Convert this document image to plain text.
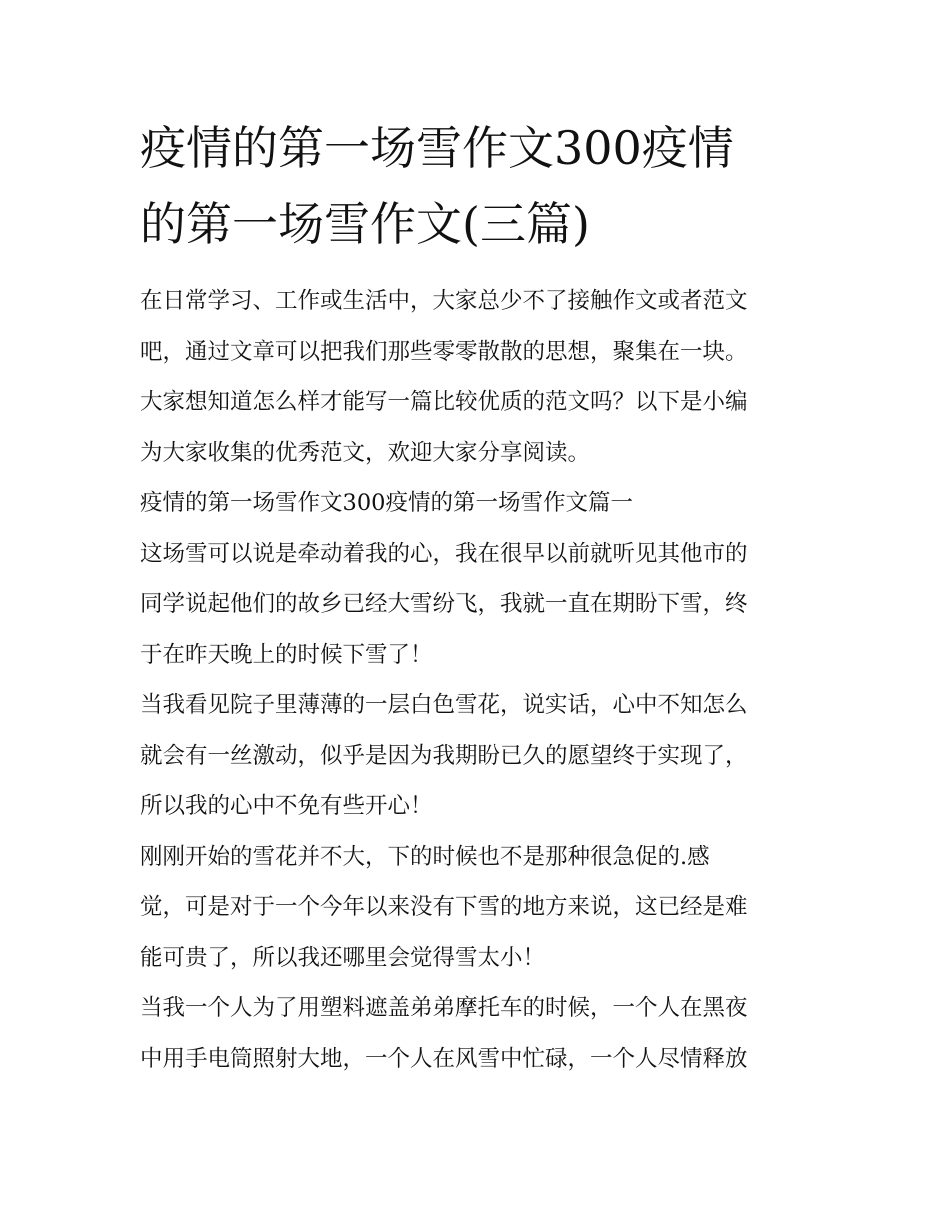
疫情的第一场雪作文300疫情
的第一场雪作文(三篇)

在日常学习、工作或生活中，大家总少不了接触作文或者范文

吧，通过文章可以把我们那些零零散散的思想，聚集在一块。

大家想知道怎么样才能写一篇比较优质的范文吗？以下是小编

为大家收集的优秀范文，欢迎大家分享阅读。

疫情的第一场雪作文300疫情的第一场雪作文篇一

这场雪可以说是牵动着我的心，我在很早以前就听见其他市的

同学说起他们的故乡已经大雪纷飞，我就一直在期盼下雪，终

于在昨天晚上的时候下雪了！

当我看见院子里薄薄的一层白色雪花，说实话，心中不知怎么

就会有一丝激动，似乎是因为我期盼已久的愿望终于实现了，

所以我的心中不免有些开心！

刚刚开始的雪花并不大，下的时候也不是那种很急促的.感

觉，可是对于一个今年以来没有下雪的地方来说，这已经是难

能可贵了，所以我还哪里会觉得雪太小！

当我一个人为了用塑料遮盖弟弟摩托车的时候，一个人在黑夜

中用手电筒照射大地，一个人在风雪中忙碌，一个人尽情释放
